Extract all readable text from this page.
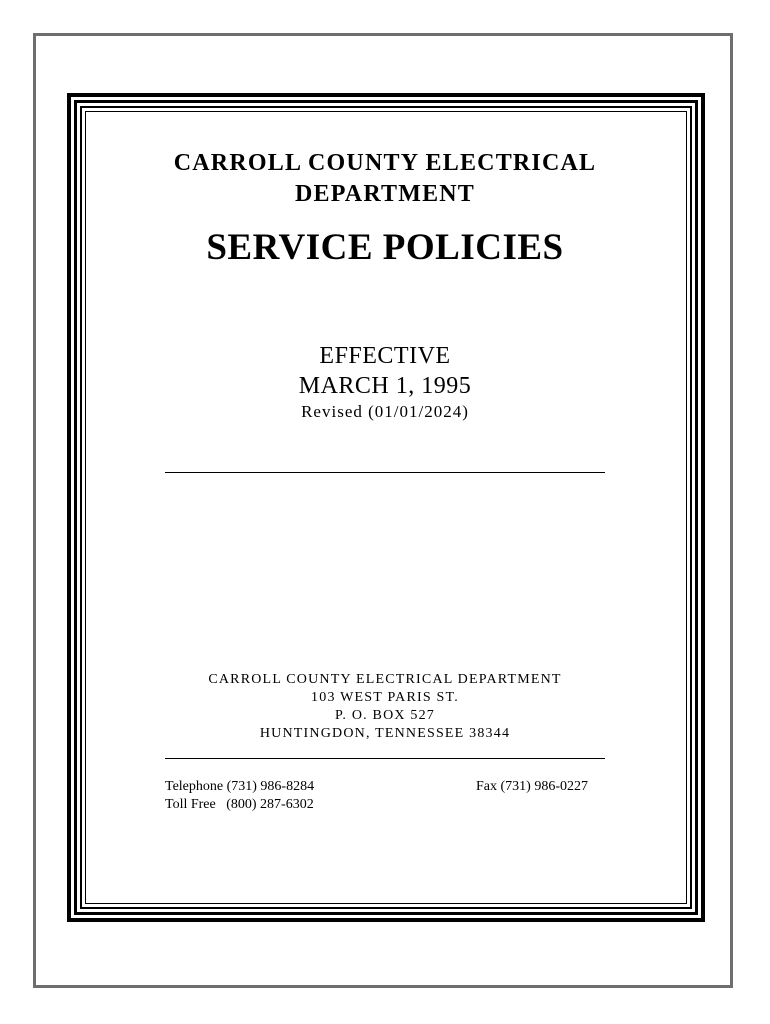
CARROLL COUNTY ELECTRICAL
DEPARTMENT
SERVICE POLICIES
EFFECTIVE
MARCH 1, 1995
Revised (01/01/2024)
CARROLL COUNTY ELECTRICAL DEPARTMENT
103 WEST PARIS ST.
P. O. BOX 527
HUNTINGDON, TENNESSEE 38344
Telephone (731) 986-8284
Toll Free   (800) 287-6302
Fax (731) 986-0227
